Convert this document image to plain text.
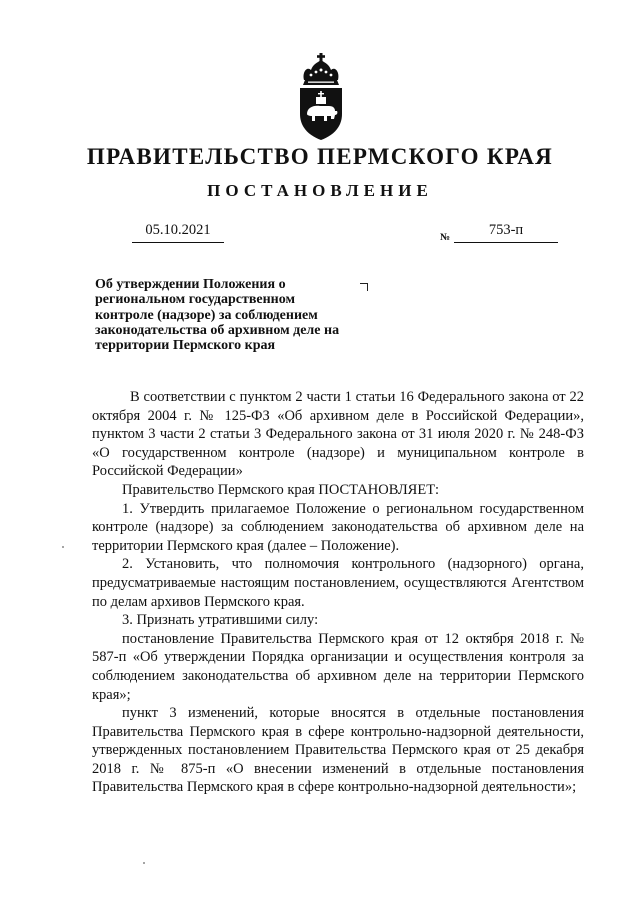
ПРАВИТЕЛЬСТВО ПЕРМСКОГО КРАЯ
ПОСТАНОВЛЕНИЕ
05.10.2021	№	753-п
Об утверждении Положения о региональном государственном контроле (надзоре) за соблюдением законодательства об архивном деле на территории Пермского края

В соответствии с пунктом 2 части 1 статьи 16 Федерального закона от 22 октября 2004 г. № 125-ФЗ «Об архивном деле в Российской Федерации», пунктом 3 части 2 статьи 3 Федерального закона от 31 июля 2020 г. № 248-ФЗ «О государственном контроле (надзоре) и муниципальном контроле в Российской Федерации»

Правительство Пермского края ПОСТАНОВЛЯЕТ:

1. Утвердить прилагаемое Положение о региональном государственном контроле (надзоре) за соблюдением законодательства об архивном деле на территории Пермского края (далее – Положение).

2. Установить, что полномочия контрольного (надзорного) органа, предусматриваемые настоящим постановлением, осуществляются Агентством по делам архивов Пермского края.

3. Признать утратившими силу:

постановление Правительства Пермского края от 12 октября 2018 г. № 587-п «Об утверждении Порядка организации и осуществления контроля за соблюдением законодательства об архивном деле на территории Пермского края»;

пункт 3 изменений, которые вносятся в отдельные постановления Правительства Пермского края в сфере контрольно-надзорной деятельности, утвержденных постановлением Правительства Пермского края от 25 декабря 2018 г. № 875-п «О внесении изменений в отдельные постановления Правительства Пермского края в сфере контрольно-надзорной деятельности»;
